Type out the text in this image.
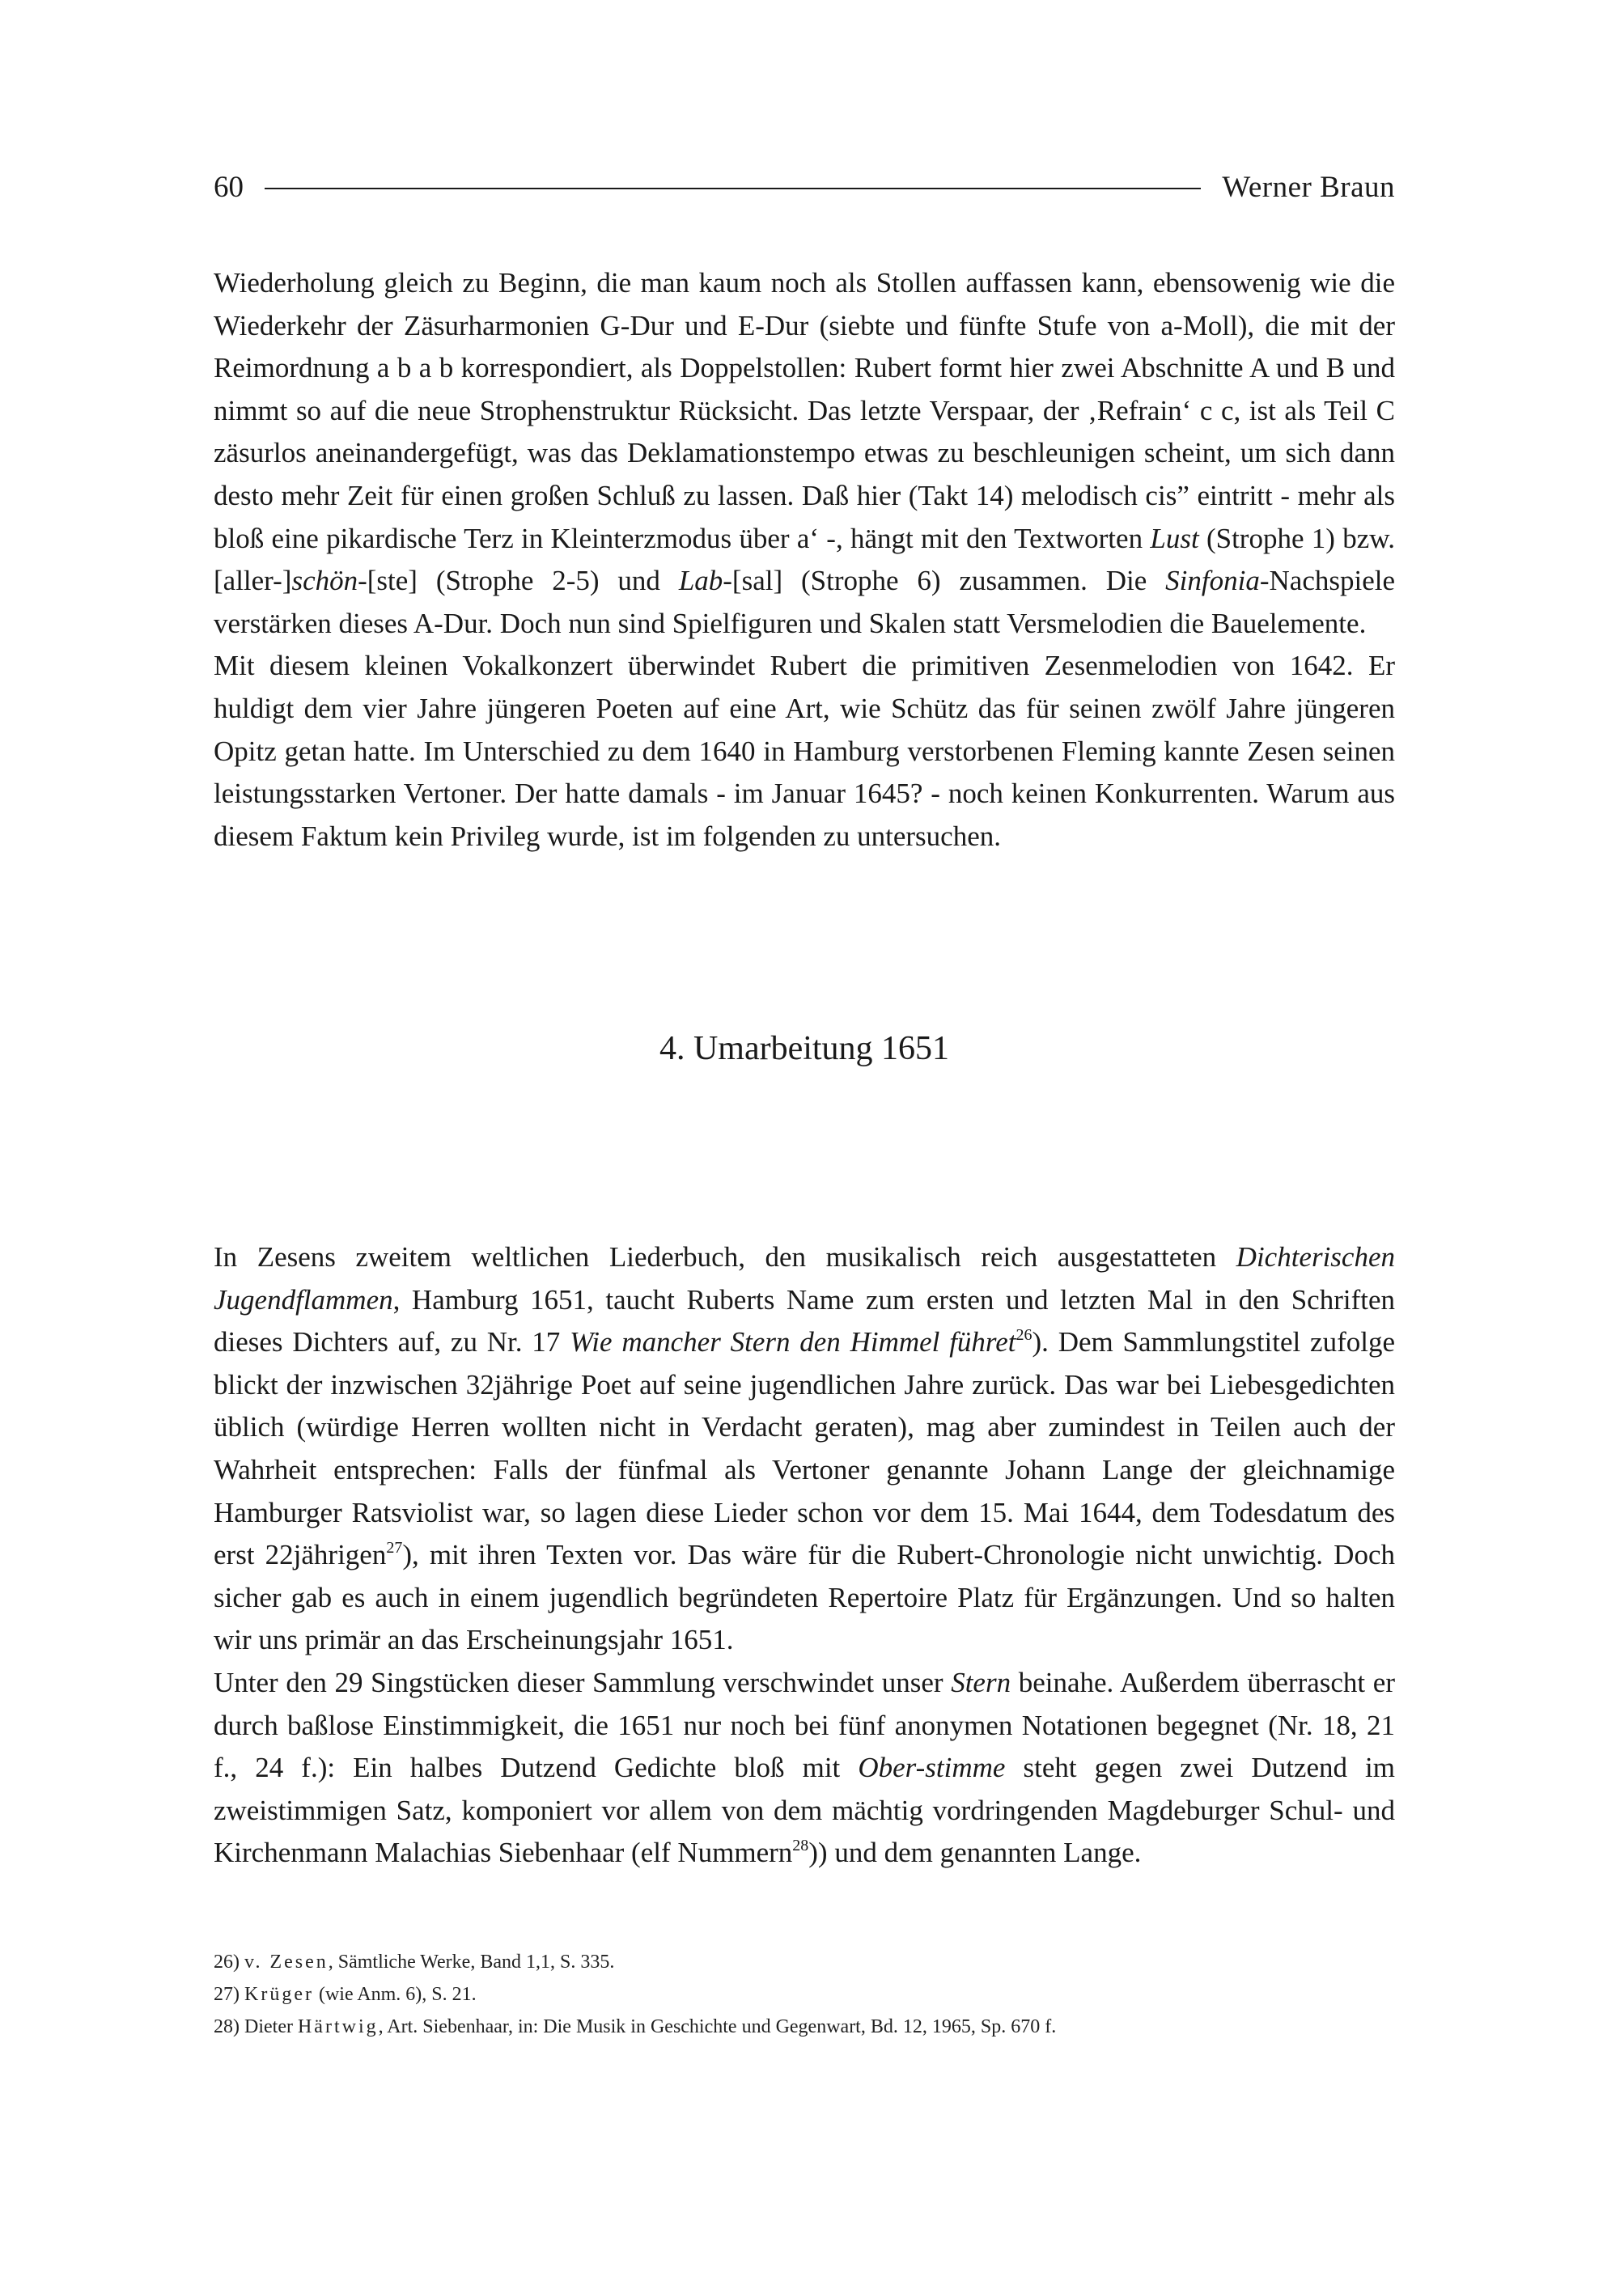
60	Werner Braun

Wiederholung gleich zu Beginn, die man kaum noch als Stollen auffassen kann, ebensowenig wie die Wiederkehr der Zäsurharmonien G-Dur und E-Dur (siebte und fünfte Stufe von a-Moll), die mit der Reimordnung a b a b korrespondiert, als Doppelstollen: Rubert formt hier zwei Abschnitte A und B und nimmt so auf die neue Strophenstruktur Rücksicht. Das letzte Verspaar, der ‚Refrain‘ c c, ist als Teil C zäsurlos aneinandergefügt, was das Deklamationstempo etwas zu beschleunigen scheint, um sich dann desto mehr Zeit für einen großen Schluß zu lassen. Daß hier (Takt 14) melodisch cis” eintritt - mehr als bloß eine pikardische Terz in Kleinterzmodus über a‘ -, hängt mit den Textworten Lust (Strophe 1) bzw. [aller-]schön-[ste] (Strophe 2-5) und Lab-[sal] (Strophe 6) zusammen. Die Sinfonia-Nachspiele verstärken dieses A-Dur. Doch nun sind Spielfiguren und Skalen statt Versmelodien die Bauelemente.

Mit diesem kleinen Vokalkonzert überwindet Rubert die primitiven Zesenmelodien von 1642. Er huldigt dem vier Jahre jüngeren Poeten auf eine Art, wie Schütz das für seinen zwölf Jahre jüngeren Opitz getan hatte. Im Unterschied zu dem 1640 in Hamburg verstorbenen Fleming kannte Zesen seinen leistungsstarken Vertoner. Der hatte damals - im Januar 1645? - noch keinen Konkurrenten. Warum aus diesem Faktum kein Privileg wurde, ist im folgenden zu untersuchen.

4. Umarbeitung 1651

In Zesens zweitem weltlichen Liederbuch, den musikalisch reich ausgestatteten Dichterischen Jugendflammen, Hamburg 1651, taucht Ruberts Name zum ersten und letzten Mal in den Schriften dieses Dichters auf, zu Nr. 17 Wie mancher Stern den Himmel führet$^{26}$). Dem Sammlungstitel zufolge blickt der inzwischen 32jährige Poet auf seine jugendlichen Jahre zurück. Das war bei Liebesgedichten üblich (würdige Herren wollten nicht in Verdacht geraten), mag aber zumindest in Teilen auch der Wahrheit entsprechen: Falls der fünfmal als Vertoner genannte Johann Lange der gleichnamige Hamburger Ratsviolist war, so lagen diese Lieder schon vor dem 15. Mai 1644, dem Todesdatum des erst 22jährigen$^{27}$), mit ihren Texten vor. Das wäre für die Rubert-Chronologie nicht unwichtig. Doch sicher gab es auch in einem jugendlich begründeten Repertoire Platz für Ergänzungen. Und so halten wir uns primär an das Erscheinungsjahr 1651.

Unter den 29 Singstücken dieser Sammlung verschwindet unser Stern beinahe. Außerdem überrascht er durch baßlose Einstimmigkeit, die 1651 nur noch bei fünf anonymen Notationen begegnet (Nr. 18, 21 f., 24 f.): Ein halbes Dutzend Gedichte bloß mit Ober-stimme steht gegen zwei Dutzend im zweistimmigen Satz, komponiert vor allem von dem mächtig vordringenden Magdeburger Schul- und Kirchenmann Malachias Siebenhaar (elf Nummern$^{28}$)) und dem genannten Lange.

26) v. Zesen, Sämtliche Werke, Band 1,1, S. 335.

27) Krüger (wie Anm. 6), S. 21.

28) Dieter Härtwig, Art. Siebenhaar, in: Die Musik in Geschichte und Gegenwart, Bd. 12, 1965, Sp. 670 f.
